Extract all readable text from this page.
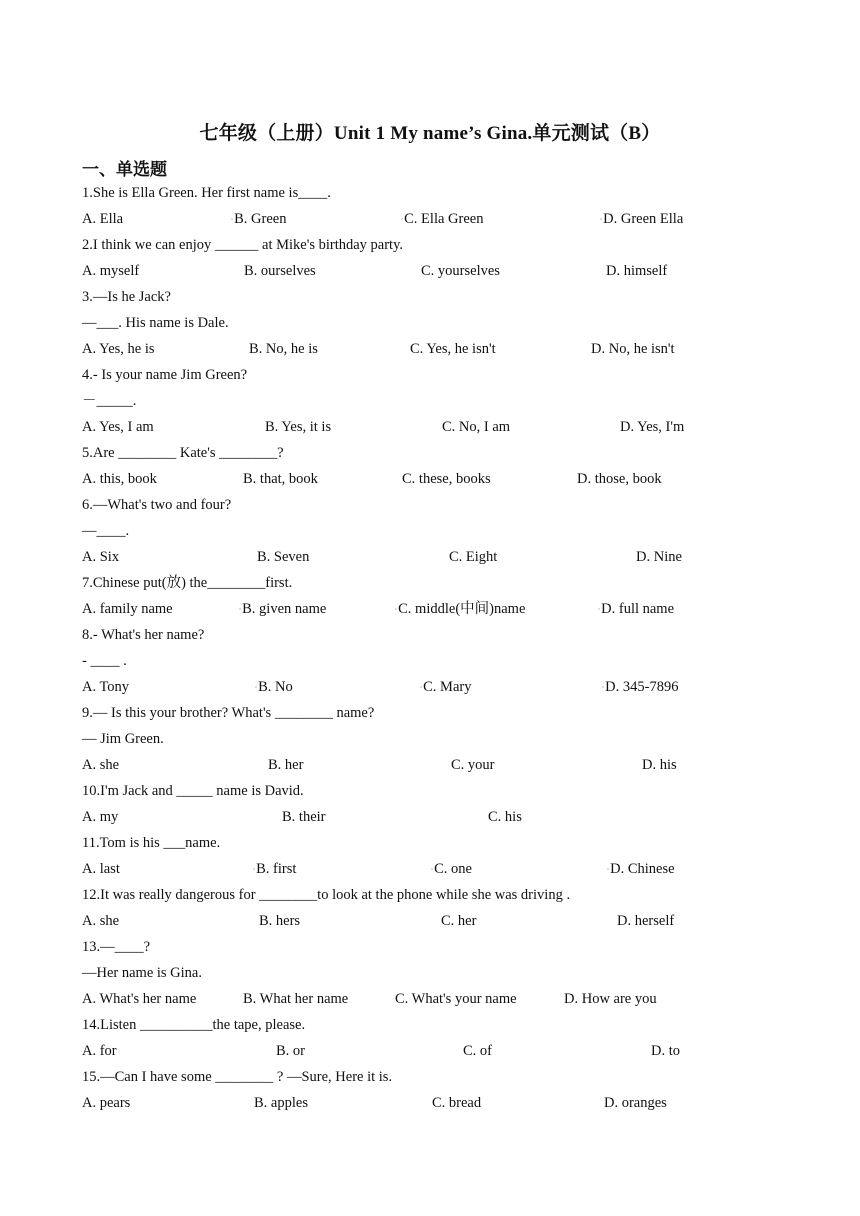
七年级（上册）Unit 1 My name’s Gina.单元测试（B）
一、单选题
1.She is Ella Green. Her first name is____.
A. Ella	▫B. Green	▫C. Ella Green	▫D. Green Ella
2.I think we can enjoy ______ at Mike's birthday party.
A. myself	B. ourselves	C. yourselves	D. himself
3.—Is he Jack?
—___. His name is Dale.
A. Yes, he is	B. No, he is	C. Yes, he isn't	D. No, he isn't
4.- Is your name Jim Green?
－_____.
A. Yes, I am	B. Yes, it is	C. No, I am	D. Yes, I'm
5.Are ________ Kate's ________?
A. this, book	B. that, book	C. these, books	D. those, book
6.—What's two and four?
—____.
A. Six	B. Seven	C. Eight	D. Nine
7.Chinese put(放) the________first.
A. family name	▫B. given name	▫C. middle(中间)name	▫D. full name
8.- What's her name?
- ____ .
A. Tony	▫B. No	▫C. Mary	▫D. 345-7896
9.— Is this your brother? What's ________ name?
— Jim Green.
A. she	B. her	C. your	D. his
10.I'm Jack and _____ name is David.
A. my	B. their	C. his
11.Tom is his ___name.
A. last	▫B. first	▫C. one	▫D. Chinese
12.It was really dangerous for ________to look at the phone while she was driving .
A. she	B. hers	C. her	D. herself
13.—____?
—Her name is Gina.
A. What's her name	B. What her name	C. What's your name	D. How are you
14.Listen __________the tape, please.
A. for	B. or	C. of	D. to
15.—Can I have some ________ ? —Sure, Here it is.
A. pears	B. apples	C. bread	D. oranges
